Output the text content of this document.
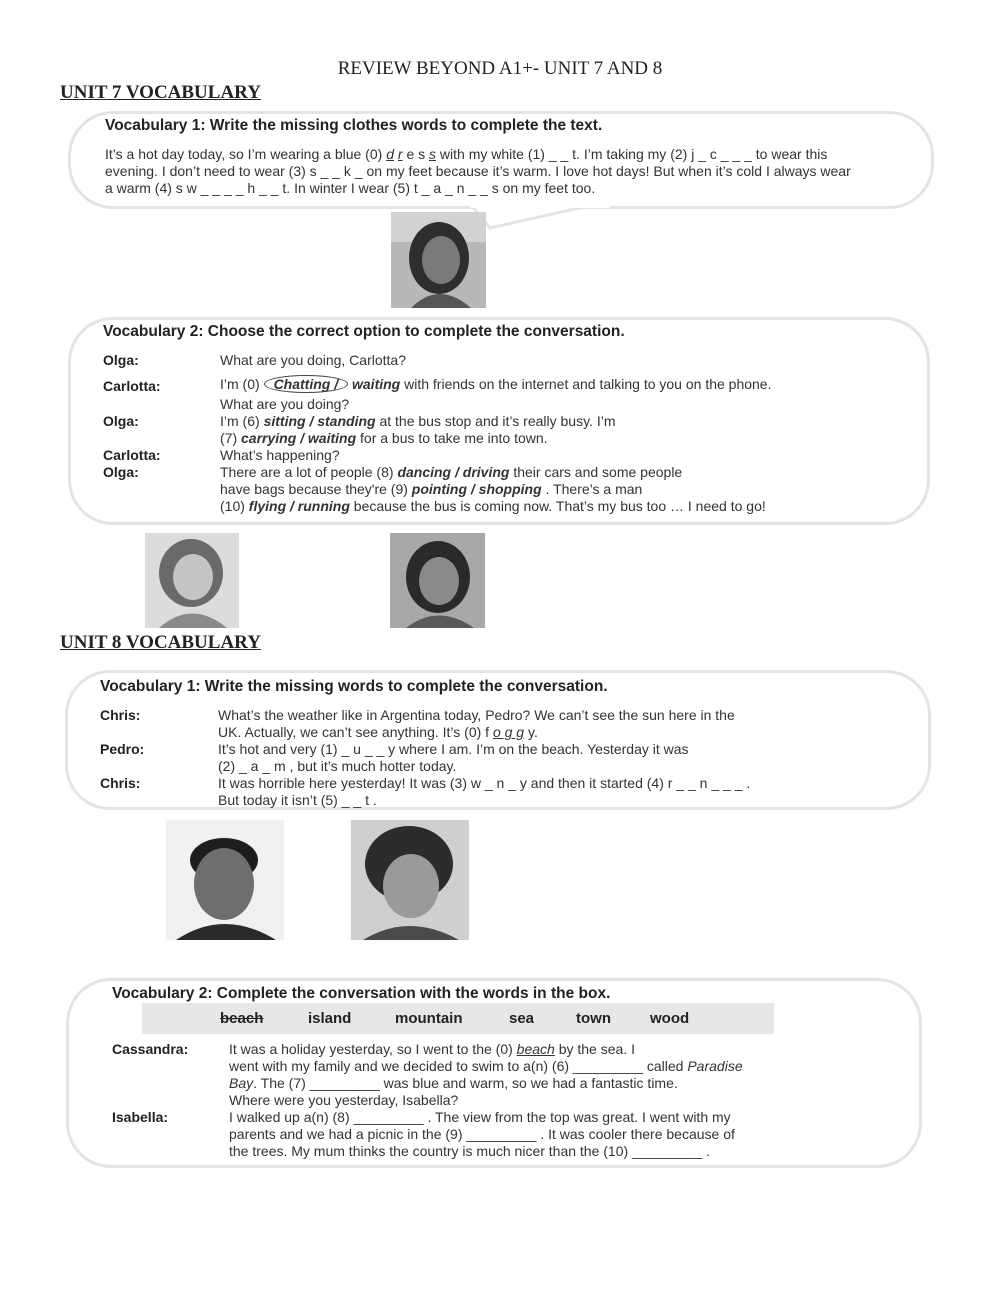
REVIEW BEYOND A1+- UNIT 7 AND 8
UNIT 7 VOCABULARY
Vocabulary 1: Write the missing clothes words to complete the text.
It’s a hot day today, so I’m wearing a blue (0) d r e s s with my white (1) _ _ t. I’m taking my (2) j _ c _ _ _ to wear this
evening. I don’t need to wear (3) s _ _ k _ on my feet because it’s warm. I love hot days! But when it’s cold I always wear
a warm (4) s w _ _ _ _ h _ _ t. In winter I wear (5) t _ a _ n _ _ s on my feet too.
Vocabulary 2: Choose the correct option to complete the conversation.
Olga:	What are you doing, Carlotta?
Carlotta:	I’m (0) Chatting / waiting with friends on the internet and talking to you on the phone.
What are you doing?
Olga:	I’m (6) sitting / standing at the bus stop and it’s really busy. I’m
(7) carrying / waiting for a bus to take me into town.
Carlotta:	What’s happening?
Olga:	There are a lot of people (8) dancing / driving their cars and some people
have bags because they're (9) pointing / shopping . There’s a man
(10) flying / running because the bus is coming now. That’s my bus too … I need to go!
UNIT 8 VOCABULARY
Vocabulary 1: Write the missing words to complete the conversation.
Chris:	What’s the weather like in Argentina today, Pedro? We can’t see the sun here in the
UK. Actually, we can’t see anything. It’s (0) f o g g y.
Pedro:	It’s hot and very (1) _ u _ _ y where I am. I’m on the beach. Yesterday it was
(2) _ a _ m , but it’s much hotter today.
Chris:	It was horrible here yesterday! It was (3) w _ n _ y and then it started (4) r _ _ n _ _ _ .
But today it isn’t (5) _ _ t .
Vocabulary 2: Complete the conversation with the words in the box.
beach	island	mountain	sea	town	wood
Cassandra:	It was a holiday yesterday, so I went to the (0) beach by the sea. I
went with my family and we decided to swim to a(n) (6) _________ called Paradise
Bay. The (7) _________ was blue and warm, so we had a fantastic time.
Where were you yesterday, Isabella?
Isabella:	I walked up a(n) (8) _________ . The view from the top was great. I went with my
parents and we had a picnic in the (9) _________ . It was cooler there because of
the trees. My mum thinks the country is much nicer than the (10) _________ .
